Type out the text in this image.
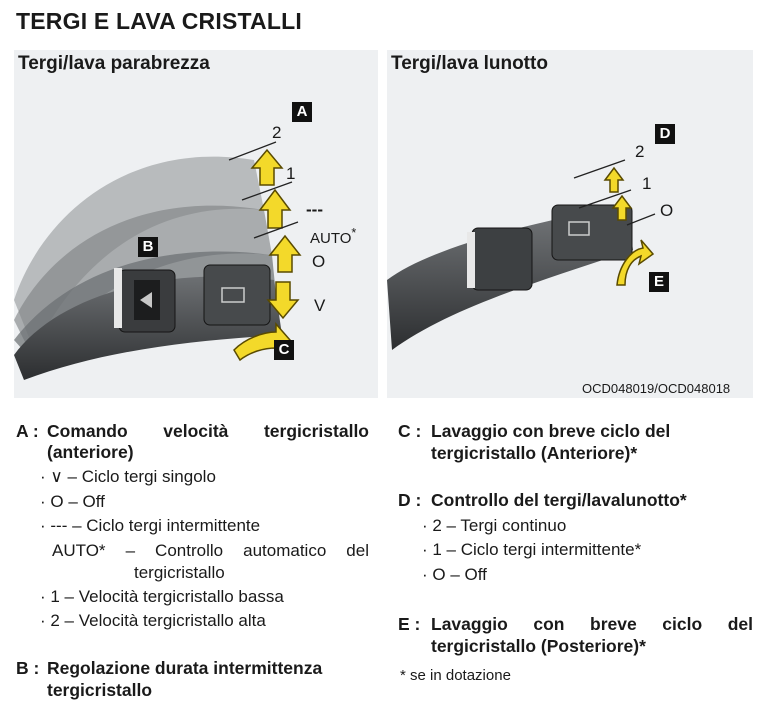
TERGI E LAVA CRISTALLI
Tergi/lava parabrezza
A
B
C
2
1
---
AUTO*
O
V
Tergi/lava lunotto
D
E
2
1
O
OCD048019/OCD048018
A : Comando velocità tergicristallo
(anteriore)
· ∨ – Ciclo tergi singolo
· O – Off
· --- – Ciclo tergi intermittente
AUTO* – Controllo automatico del
tergicristallo
· 1 – Velocità tergicristallo bassa
· 2 – Velocità tergicristallo alta
B : Regolazione durata intermittenza
tergicristallo
C : Lavaggio con breve ciclo del
tergicristallo (Anteriore)*
D : Controllo del tergi/lavalunotto*
· 2 – Tergi continuo
· 1 – Ciclo tergi intermittente*
· O – Off
E : Lavaggio con breve ciclo del
tergicristallo (Posteriore)*
* se in dotazione
